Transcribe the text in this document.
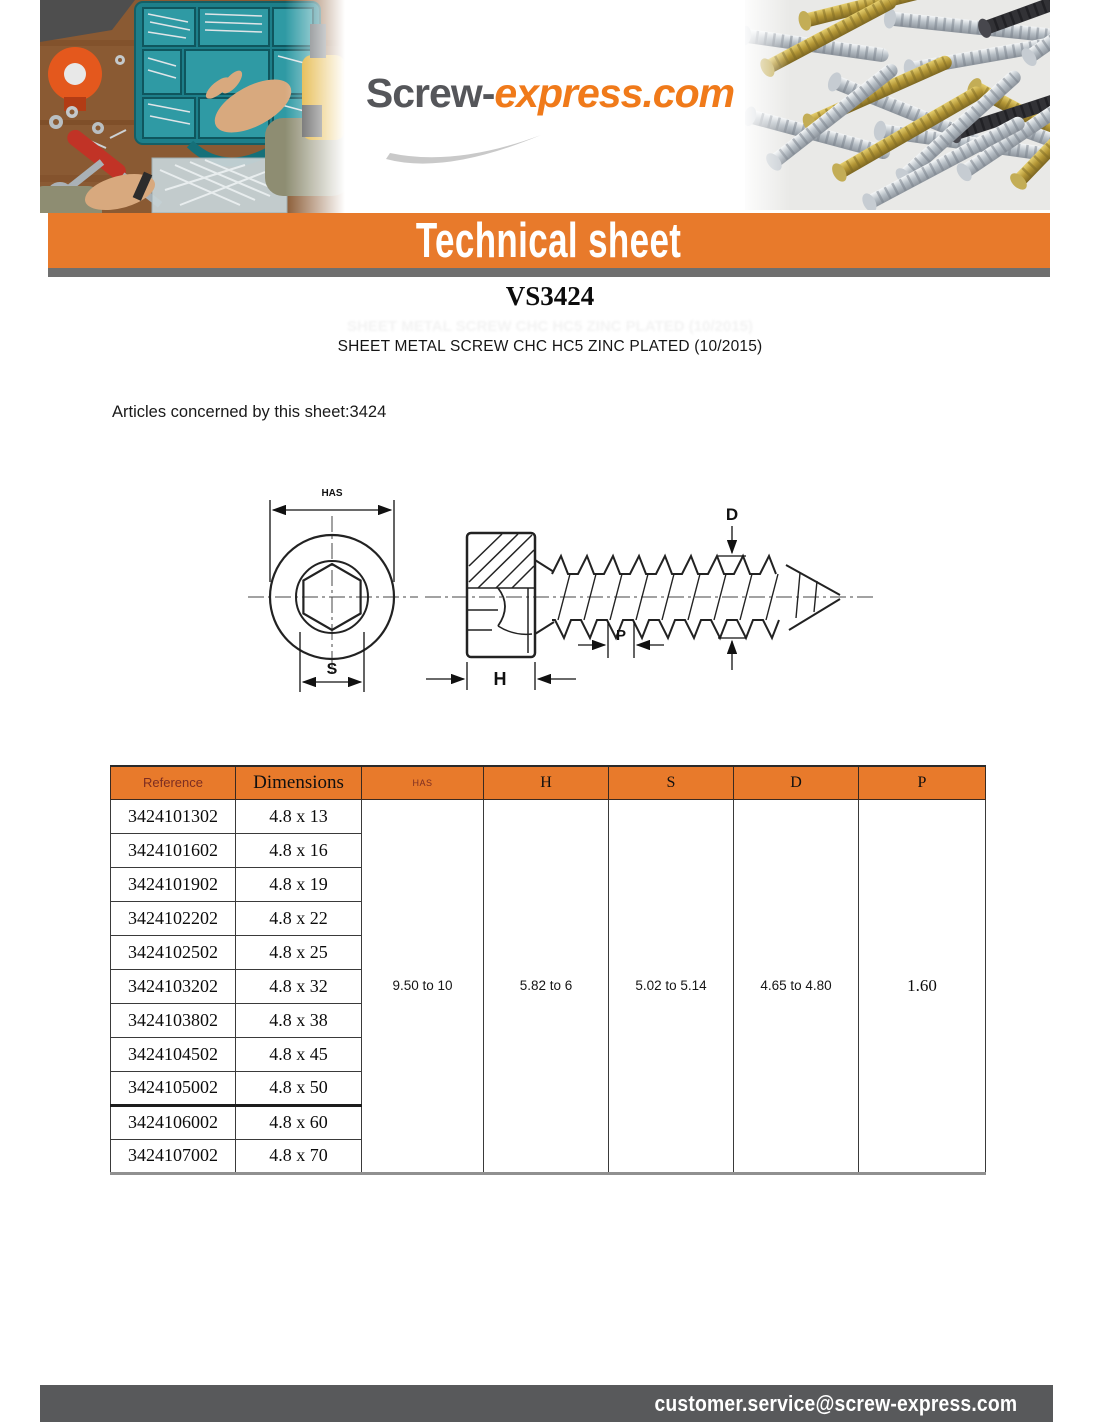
Screw-express.com
Technical sheet
SHEET METAL SCREW CHC HC5 ZINC PLATED (10/2015)
VS3424
SHEET METAL SCREW CHC HC5 ZINC PLATED (10/2015)
Articles concerned by this sheet:3424
HAS
S	H
P
D
Reference	Dimensions	HAS	H	S	D	P
3424101302	4.8 x 13	9.50 to 10	5.82 to 6	5.02 to 5.14	4.65 to 4.80	1.60
3424101602	4.8 x 16					
3424101902	4.8 x 19					
3424102202	4.8 x 22					
3424102502	4.8 x 25					
3424103202	4.8 x 32					
3424103802	4.8 x 38					
3424104502	4.8 x 45					
3424105002	4.8 x 50					
3424106002	4.8 x 60					
3424107002	4.8 x 70					
customer.service@screw-express.com
